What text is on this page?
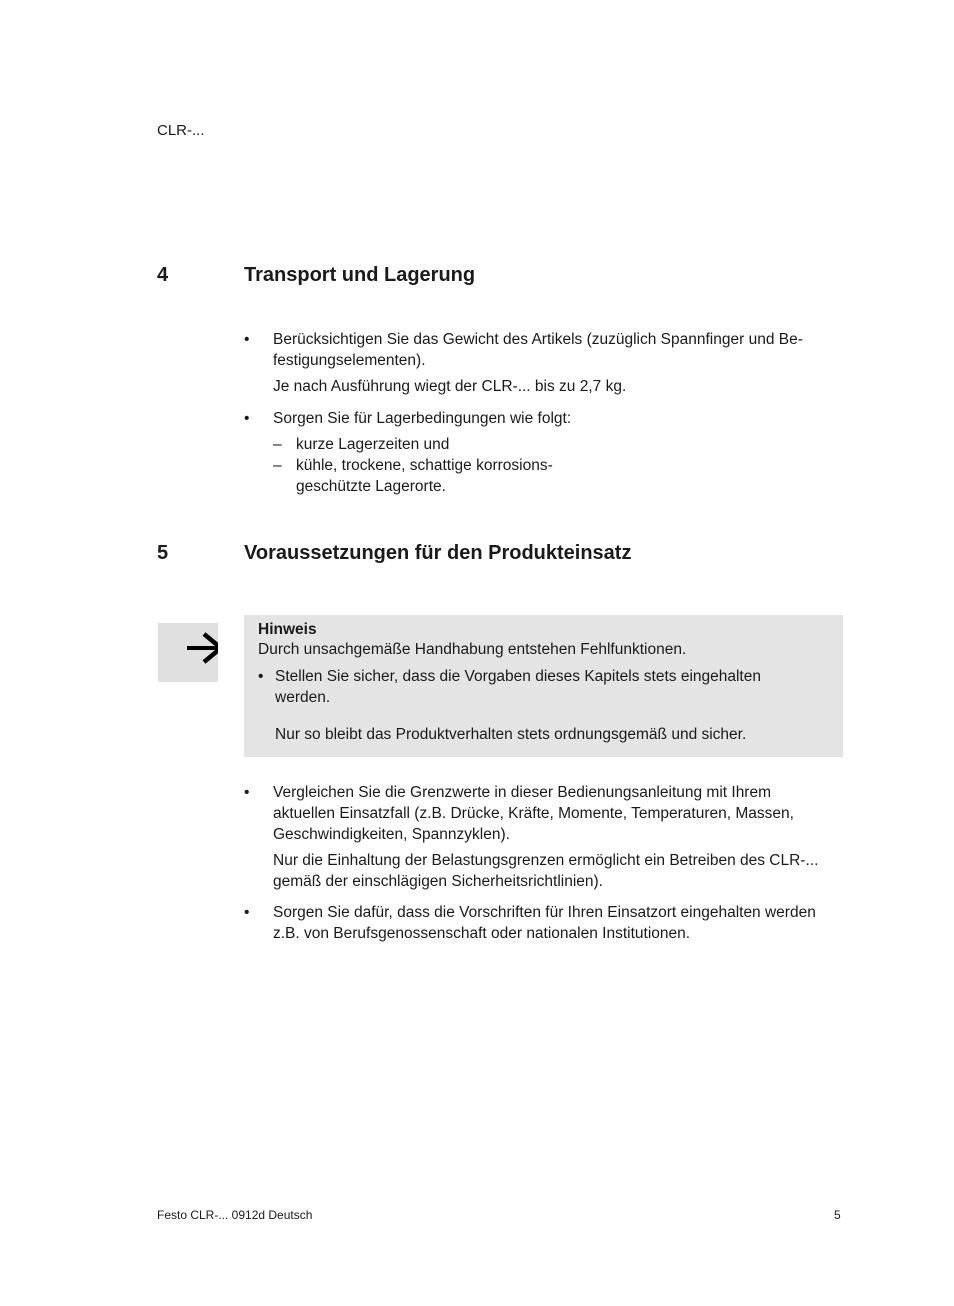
CLR-...
4	Transport und Lagerung
• Berücksichtigen Sie das Gewicht des Artikels (zuzüglich Spannfinger und Be-
festigungselementen).
Je nach Ausführung wiegt der CLR-... bis zu 2,7 kg.
• Sorgen Sie für Lagerbedingungen wie folgt:
– kurze Lagerzeiten und
– kühle, trockene, schattige korrosions-
geschützte Lagerorte.
5	Voraussetzungen für den Produkteinsatz
Hinweis
Durch unsachgemäße Handhabung entstehen Fehlfunktionen.
• Stellen Sie sicher, dass die Vorgaben dieses Kapitels stets eingehalten
werden.
Nur so bleibt das Produktverhalten stets ordnungsgemäß und sicher.
• Vergleichen Sie die Grenzwerte in dieser Bedienungsanleitung mit Ihrem
aktuellen Einsatzfall (z.B. Drücke, Kräfte, Momente, Temperaturen, Massen,
Geschwindigkeiten, Spannzyklen).
Nur die Einhaltung der Belastungsgrenzen ermöglicht ein Betreiben des CLR-...
gemäß der einschlägigen Sicherheitsrichtlinien).
• Sorgen Sie dafür, dass die Vorschriften für Ihren Einsatzort eingehalten werden
z.B. von Berufsgenossenschaft oder nationalen Institutionen.
Festo CLR-... 0912d Deutsch	5
